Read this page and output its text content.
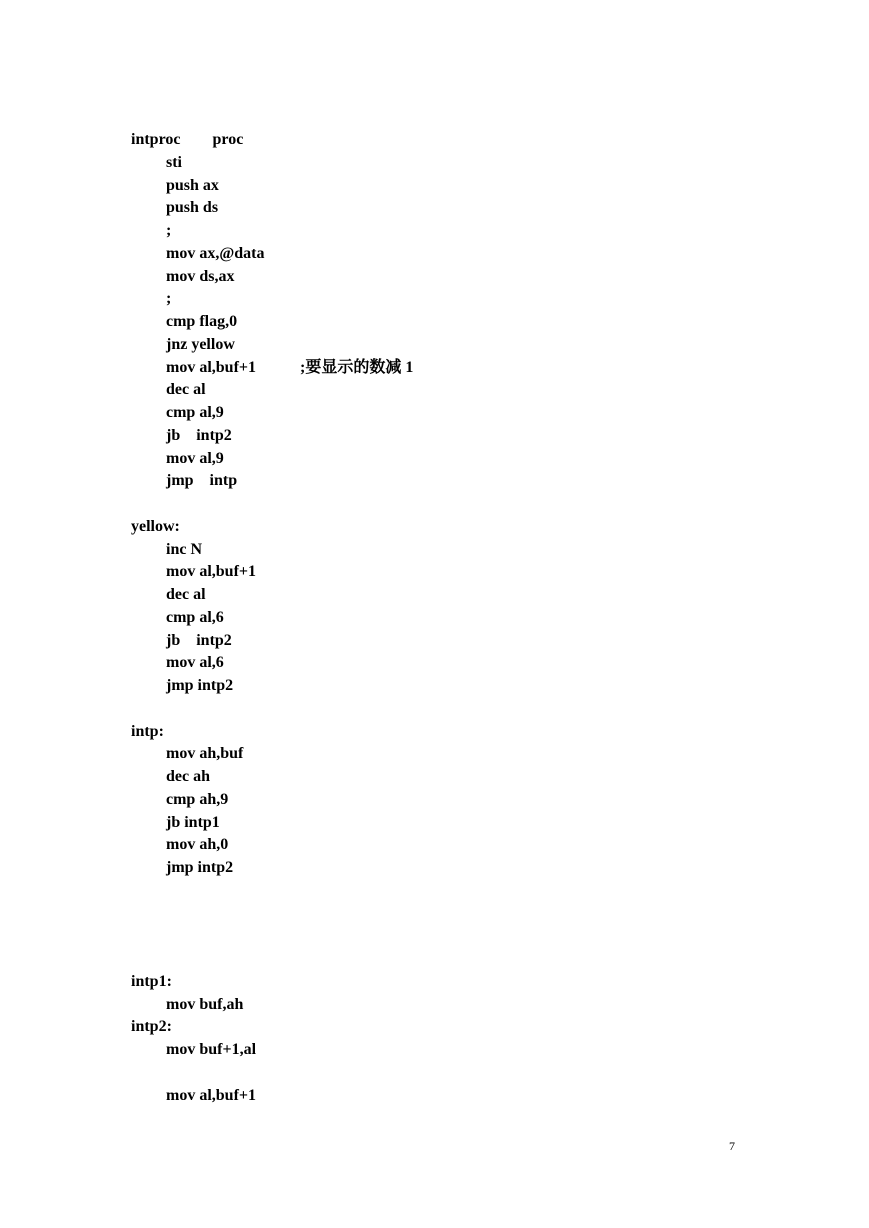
intproc        proc
sti
push ax
push ds
;
mov ax,@data
mov ds,ax
;
cmp flag,0
jnz yellow
mov al,buf+1	;要显示的数减 1
dec al
cmp al,9
jb    intp2
mov al,9
jmp    intp
yellow:
inc N
mov al,buf+1
dec al
cmp al,6
jb    intp2
mov al,6
jmp intp2
intp:
mov ah,buf
dec ah
cmp ah,9
jb intp1
mov ah,0
jmp intp2
intp1:
mov buf,ah
intp2:
mov buf+1,al
mov al,buf+1
7
